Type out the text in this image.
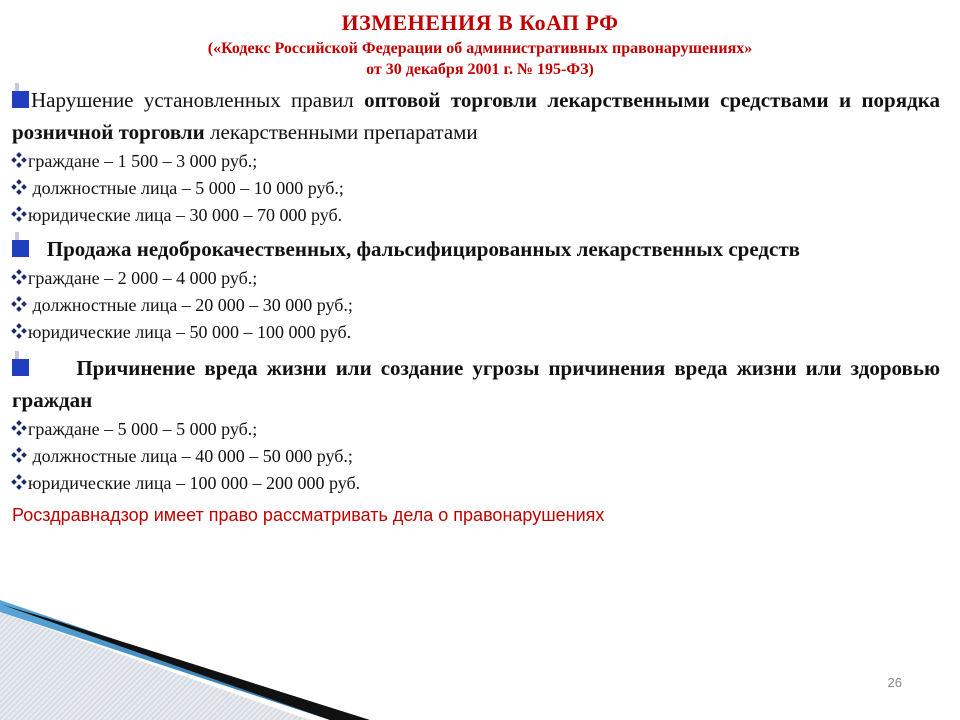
ИЗМЕНЕНИЯ В КоАП РФ
(«Кодекс Российской Федерации об административных правонарушениях»
от 30 декабря 2001 г. № 195-ФЗ)

Нарушение установленных правил оптовой торговли лекарственными средствами и порядка розничной торговли лекарственными препаратами

граждане – 1 500 – 3 000 руб.;

должностные лица – 5 000 – 10 000 руб.;

юридические лица – 30 000 – 70 000 руб.

Продажа недоброкачественных, фальсифицированных лекарственных средств

граждане – 2 000 – 4 000 руб.;

должностные лица – 20 000 – 30 000 руб.;

юридические лица – 50 000 – 100 000 руб.

Причинение вреда жизни или создание угрозы причинения вреда жизни или здоровью граждан

граждане – 5 000 – 5 000 руб.;

должностные лица – 40 000 – 50 000 руб.;

юридические лица – 100 000 – 200 000 руб.

Росздравнадзор имеет право рассматривать дела о правонарушениях
26
